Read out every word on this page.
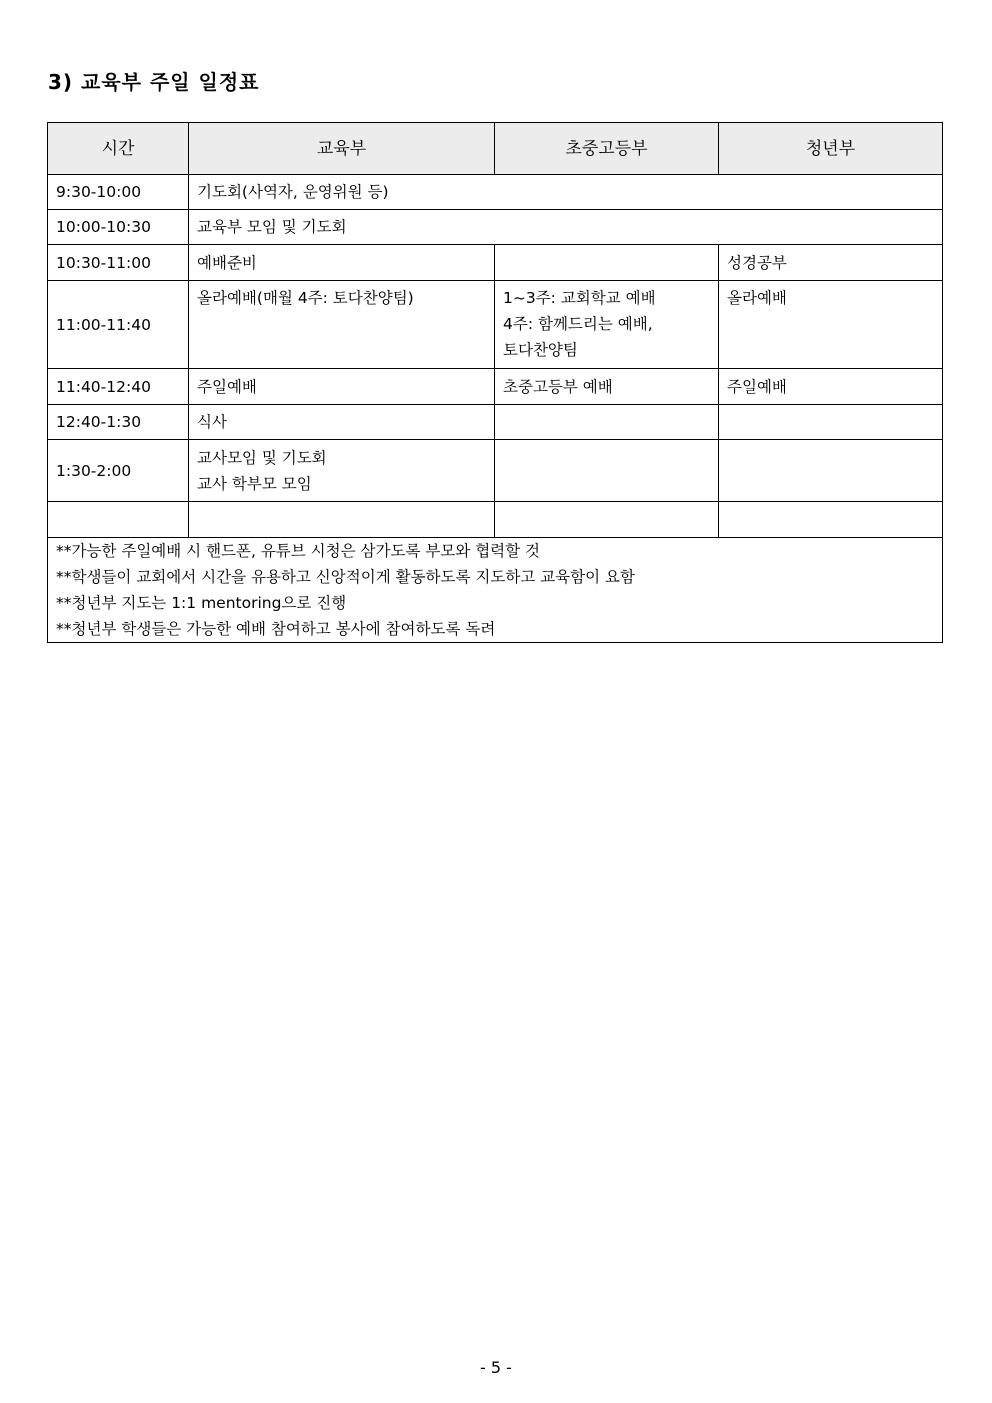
3) 교육부 주일 일정표
시간	교육부	초중고등부	청년부
9:30-10:00	기도회(사역자, 운영위원 등)		
10:00-10:30	교육부 모임 및 기도회		
10:30-11:00	예배준비		성경공부
11:00-11:40	올라예배(매월 4주: 토다찬양팀)	1~3주: 교회학교 예배
4주: 함께드리는 예배,
토다찬양팀	올라예배
11:40-12:40	주일예배	초중고등부 예배	주일예배
12:40-1:30	식사		
1:30-2:00	교사모임 및 기도회
교사 학부모 모임		

**가능한 주일예배 시 핸드폰, 유튜브 시청은 삼가도록 부모와 협력할 것
**학생들이 교회에서 시간을 유용하고 신앙적이게 활동하도록 지도하고 교육함이 요함
**청년부 지도는 1:1 mentoring으로 진행
**청년부 학생들은 가능한 예배 참여하고 봉사에 참여하도록 독려			
- 5 -
